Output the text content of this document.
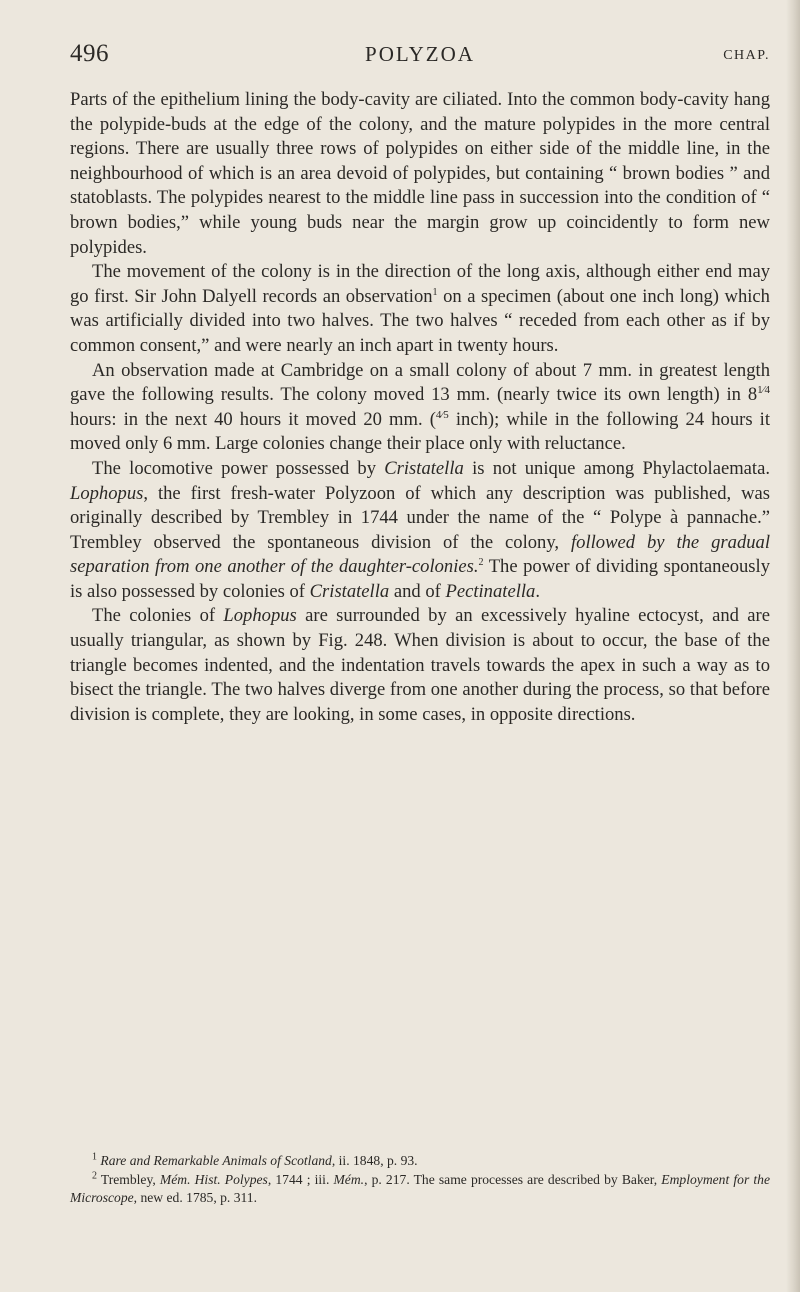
496	POLYZOA	CHAP.

Parts of the epithelium lining the body-cavity are ciliated. Into the common body-cavity hang the polypide-buds at the edge of the colony, and the mature polypides in the more central regions. There are usually three rows of polypides on either side of the middle line, in the neighbourhood of which is an area devoid of polypides, but containing “ brown bodies ” and statoblasts. The polypides nearest to the middle line pass in succession into the condition of “ brown bodies,” while young buds near the margin grow up coincidently to form new polypides.

The movement of the colony is in the direction of the long axis, although either end may go first. Sir John Dalyell records an observation$^1$ on a specimen (about one inch long) which was artificially divided into two halves. The two halves “ receded from each other as if by common consent,” and were nearly an inch apart in twenty hours.

An observation made at Cambridge on a small colony of about 7 mm. in greatest length gave the following results. The colony moved 13 mm. (nearly twice its own length) in $8^{1⁄4}$ hours: in the next 40 hours it moved 20 mm. ($^{4⁄5}$ inch); while in the following 24 hours it moved only 6 mm. Large colonies change their place only with reluctance.

The locomotive power possessed by Cristatella is not unique among Phylactolaemata. Lophopus, the first fresh-water Polyzoon of which any description was published, was originally described by Trembley in 1744 under the name of the “ Polype à pannache.” Trembley observed the spontaneous division of the colony, followed by the gradual separation from one another of the daughter-colonies.$^2$ The power of dividing spontaneously is also possessed by colonies of Cristatella and of Pectinatella.

The colonies of Lophopus are surrounded by an excessively hyaline ectocyst, and are usually triangular, as shown by Fig. 248. When division is about to occur, the base of the triangle becomes indented, and the indentation travels towards the apex in such a way as to bisect the triangle. The two halves diverge from one another during the process, so that before division is complete, they are looking, in some cases, in opposite directions.

$^1$ Rare and Remarkable Animals of Scotland, ii. 1848, p. 93.

$^2$ Trembley, Mém. Hist. Polypes, 1744 ; iii. Mém., p. 217. The same processes are described by Baker, Employment for the Microscope, new ed. 1785, p. 311.
